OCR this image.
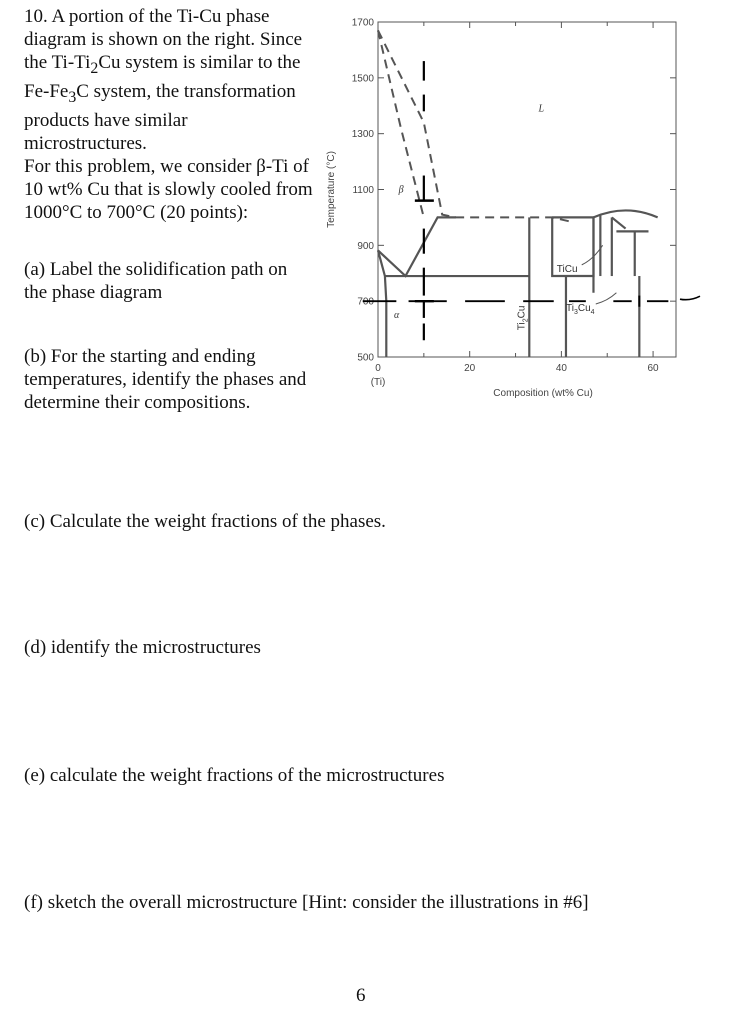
10. A portion of the Ti-Cu phase diagram is shown on the right. Since the $Ti-Ti_2Cu$ system is similar to the $Fe-Fe_3C$ system, the transformation products have similar microstructures.
For this problem, we consider β-Ti of 10 wt% Cu that is slowly cooled from 1000°C to 700°C (20 points):
(a) Label the solidification path on the phase diagram
(b) For the starting and ending temperatures, identify the phases and determine their compositions.
(c) Calculate the weight fractions of the phases.
(d) identify the microstructures
(e) calculate the weight fractions of the microstructures
(f) sketch the overall microstructure [Hint: consider the illustrations in #6]
6
1700
1500
1300
1100
900
700
500
0	20	40	60
(Ti)
Composition (wt% Cu)
Temperature (°C)
L
β
α
TiCu
$Ti_3Cu_4$
$Ti_2Cu$
